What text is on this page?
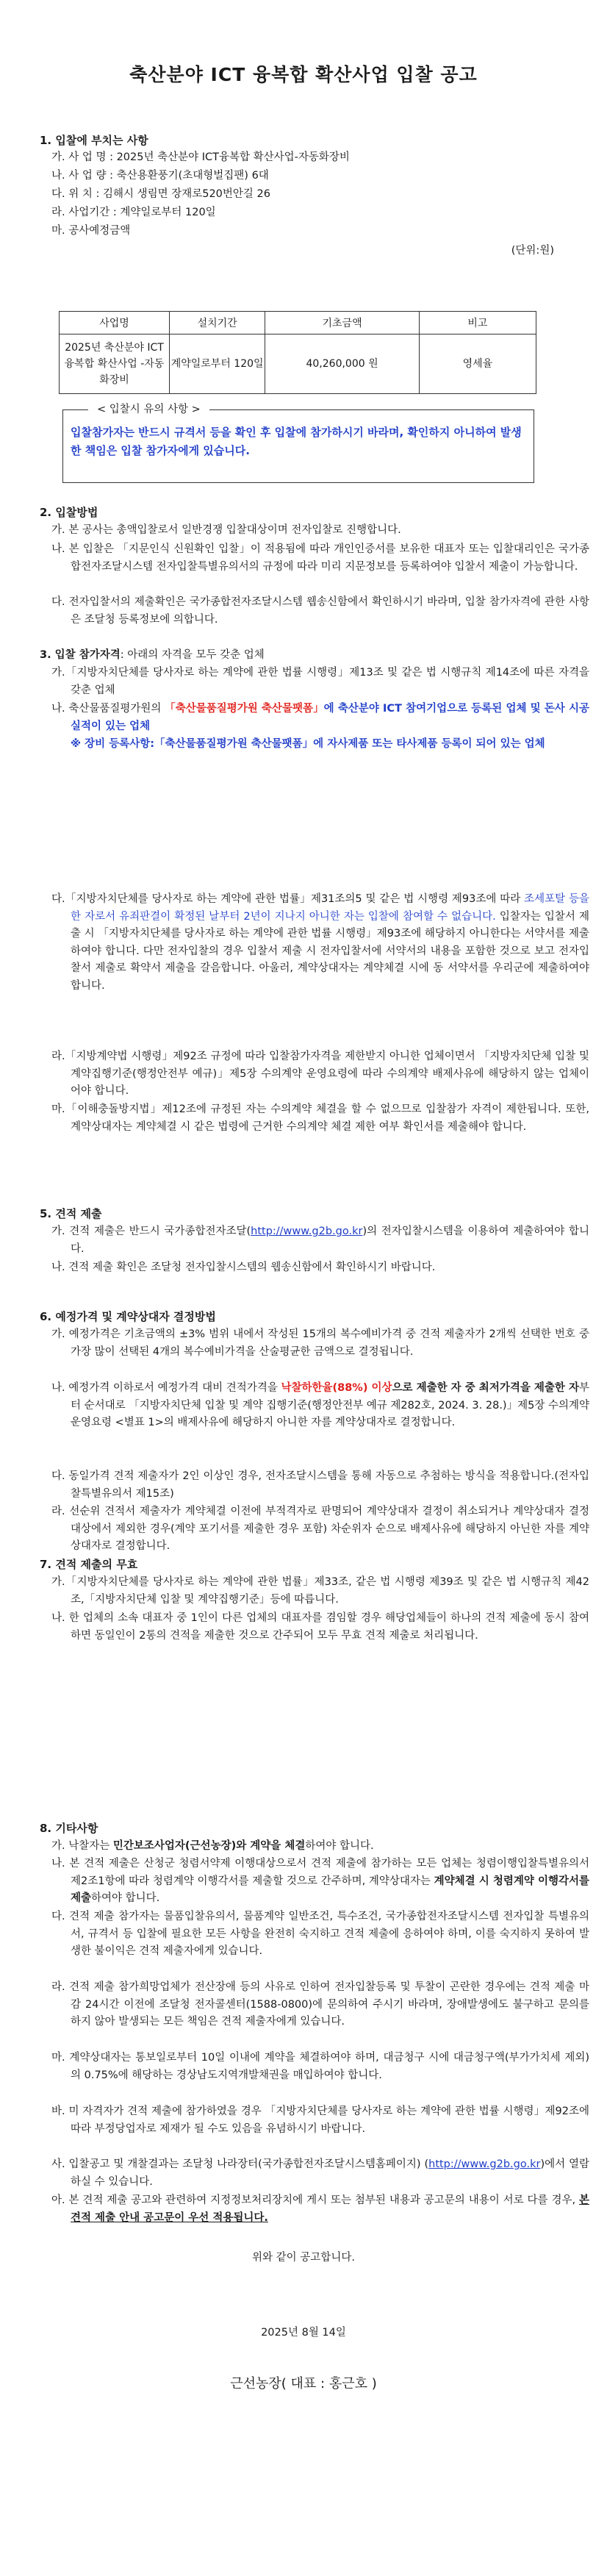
축산분야 ICT 융복합 확산사업 입찰 공고
1. 입찰에 부치는 사항
가. 사 업 명 : 2025년 축산분야 ICT융복합 확산사업-자동화장비
나. 사 업 량 : 축산용환풍기(초대형벌집팬) 6대
다. 위 치 : 김해시 생림면 장재로520번안길 26
라. 사업기간 : 계약일로부터 120일
마. 공사예정금액
(단위:원)
사업명	설치기간	기초금액	비고
2025년 축산분야 ICT융복합 확산사업 -자동화장비	계약일로부터 120일	40,260,000 원	영세율
< 입찰시 유의 사항 >
입찰참가자는 반드시 규격서 등을 확인 후 입찰에 참가하시기 바라며, 확인하지 아니하여 발생한 책임은 입찰 참가자에게 있습니다.
2. 입찰방법
가. 본 공사는 총액입찰로서 일반경쟁 입찰대상이며 전자입찰로 진행합니다.
나. 본 입찰은 「지문인식 신원확인 입찰」이 적용됨에 따라 개인인증서를 보유한 대표자 또는 입찰대리인은 국가종합전자조달시스템 전자입찰특별유의서의 규정에 따라 미리 지문정보를 등록하여야 입찰서 제출이 가능합니다.
다. 전자입찰서의 제출확인은 국가종합전자조달시스템 웹송신함에서 확인하시기 바라며, 입찰 참가자격에 관한 사항은 조달청 등록정보에 의합니다.
3. 입찰 참가자격: 아래의 자격을 모두 갖춘 업체
가.「지방자치단체를 당사자로 하는 계약에 관한 법률 시행령」제13조 및 같은 법 시행규칙 제14조에 따른 자격을 갖춘 업체
나. 축산물품질평가원의 「축산물품질평가원 축산물팻폼」에 축산분야 ICT 참여기업으로 등록된 업체 및 돈사 시공 실적이 있는 업체
※ 장비 등록사항:「축산물품질평가원 축산물팻폼」에 자사제품 또는 타사제품 등록이 되어 있는 업체
다.「지방자치단체를 당사자로 하는 계약에 관한 법률」제31조의5 및 같은 법 시행령 제93조에 따라 조세포탈 등을 한 자로서 유죄판결이 확정된 날부터 2년이 지나지 아니한 자는 입찰에 참여할 수 없습니다. 입찰자는 입찰서 제출 시 「지방자치단체를 당사자로 하는 계약에 관한 법률 시행령」제93조에 해당하지 아니한다는 서약서를 제출하여야 합니다. 다만 전자입찰의 경우 입찰서 제출 시 전자입찰서에 서약서의 내용을 포함한 것으로 보고 전자입찰서 제출로 확약서 제출을 갈음합니다. 아울러, 계약상대자는 계약체결 시에 동 서약서를 우리군에 제출하여야 합니다.
라.「지방계약법 시행령」제92조 규정에 따라 입찰참가자격을 제한받지 아니한 업체이면서 「지방자치단체 입찰 및 계약집행기준(행정안전부 예규)」제5장 수의계약 운영요령에 따라 수의계약 배제사유에 해당하지 않는 업체이어야 합니다.
마.「이해충돌방지법」제12조에 규정된 자는 수의계약 체결을 할 수 없으므로 입찰참가 자격이 제한됩니다. 또한, 계약상대자는 계약체결 시 같은 법령에 근거한 수의계약 체결 제한 여부 확인서를 제출해야 합니다.
5. 견적 제출
가. 견적 제출은 반드시 국가종합전자조달(http://www.g2b.go.kr)의 전자입찰시스템을 이용하여 제출하여야 합니다.
나. 견적 제출 확인은 조달청 전자입찰시스템의 웹송신함에서 확인하시기 바랍니다.
6. 예정가격 및 계약상대자 결정방법
가. 예정가격은 기초금액의 ±3% 범위 내에서 작성된 15개의 복수예비가격 중 견적 제출자가 2개씩 선택한 번호 중 가장 많이 선택된 4개의 복수예비가격을 산술평균한 금액으로 결정됩니다.
나. 예정가격 이하로서 예정가격 대비 견적가격을 낙찰하한율(88%) 이상으로 제출한 자 중 최저가격을 제출한 자부터 순서대로 「지방자치단체 입찰 및 계약 집행기준(행정안전부 예규 제282호, 2024. 3. 28.)」제5장 수의계약 운영요령 <별표 1>의 배제사유에 해당하지 아니한 자를 계약상대자로 결정합니다.
다. 동일가격 견적 제출자가 2인 이상인 경우, 전자조달시스템을 통해 자동으로 추첨하는 방식을 적용합니다.(전자입찰특별유의서 제15조)
라. 선순위 견적서 제출자가 계약체결 이전에 부적격자로 판명되어 계약상대자 결정이 취소되거나 계약상대자 결정 대상에서 제외한 경우(계약 포기서를 제출한 경우 포함) 차순위자 순으로 배제사유에 해당하지 아닌한 자를 계약상대자로 결정합니다.
7. 견적 제출의 무효
가.「지방자치단체를 당사자로 하는 계약에 관한 법률」제33조, 같은 법 시행령 제39조 및 같은 법 시행규칙 제42조,「지방자치단체 입찰 및 계약집행기준」등에 따릅니다.
나. 한 업체의 소속 대표자 중 1인이 다른 업체의 대표자를 겸임할 경우 해당업체들이 하나의 견적 제출에 동시 참여하면 동일인이 2통의 견적을 제출한 것으로 간주되어 모두 무효 견적 제출로 처리됩니다.
8. 기타사항
가. 낙찰자는 민간보조사업자(근선농장)와 계약을 체결하여야 합니다.
나. 본 견적 제출은 산청군 청렴서약제 이행대상으로서 견적 제출에 참가하는 모든 업체는 청렴이행입찰특별유의서 제2조1항에 따라 청렴계약 이행각서를 제출할 것으로 간주하며, 계약상대자는 계약체결 시 청렴계약 이행각서를 제출하여야 합니다.
다. 견적 제출 참가자는 물품입찰유의서, 물품계약 일반조건, 특수조건, 국가종합전자조달시스템 전자입찰 특별유의서, 규격서 등 입찰에 필요한 모든 사항을 완전히 숙지하고 견적 제출에 응하여야 하며, 이를 숙지하지 못하여 발생한 불이익은 견적 제출자에게 있습니다.
라. 견적 제출 참가희망업체가 전산장애 등의 사유로 인하여 전자입찰등록 및 투찰이 곤란한 경우에는 견적 제출 마감 24시간 이전에 조달청 전자콜센터(1588-0800)에 문의하여 주시기 바라며, 장애발생에도 불구하고 문의를 하지 않아 발생되는 모든 책임은 견적 제출자에게 있습니다.
마. 계약상대자는 통보일로부터 10일 이내에 계약을 체결하여야 하며, 대금청구 시에 대금청구액(부가가치세 제외)의 0.75%에 해당하는 경상남도지역개발채권을 매입하여야 합니다.
바. 미 자격자가 견적 제출에 참가하였을 경우 「지방자치단체를 당사자로 하는 계약에 관한 법률 시행령」제92조에 따라 부정당업자로 제재가 될 수도 있음을 유념하시기 바랍니다.
사. 입찰공고 및 개찰결과는 조달청 나라장터(국가종합전자조달시스템홈페이지) (http://www.g2b.go.kr)에서 열람하실 수 있습니다.
아. 본 견적 제출 공고와 관련하여 지정정보처리장치에 게시 또는 첨부된 내용과 공고문의 내용이 서로 다를 경우, 본 견적 제출 안내 공고문이 우선 적용됩니다.
위와 같이 공고합니다.
2025년 8월 14일
근선농장( 대표 : 홍근호 )
